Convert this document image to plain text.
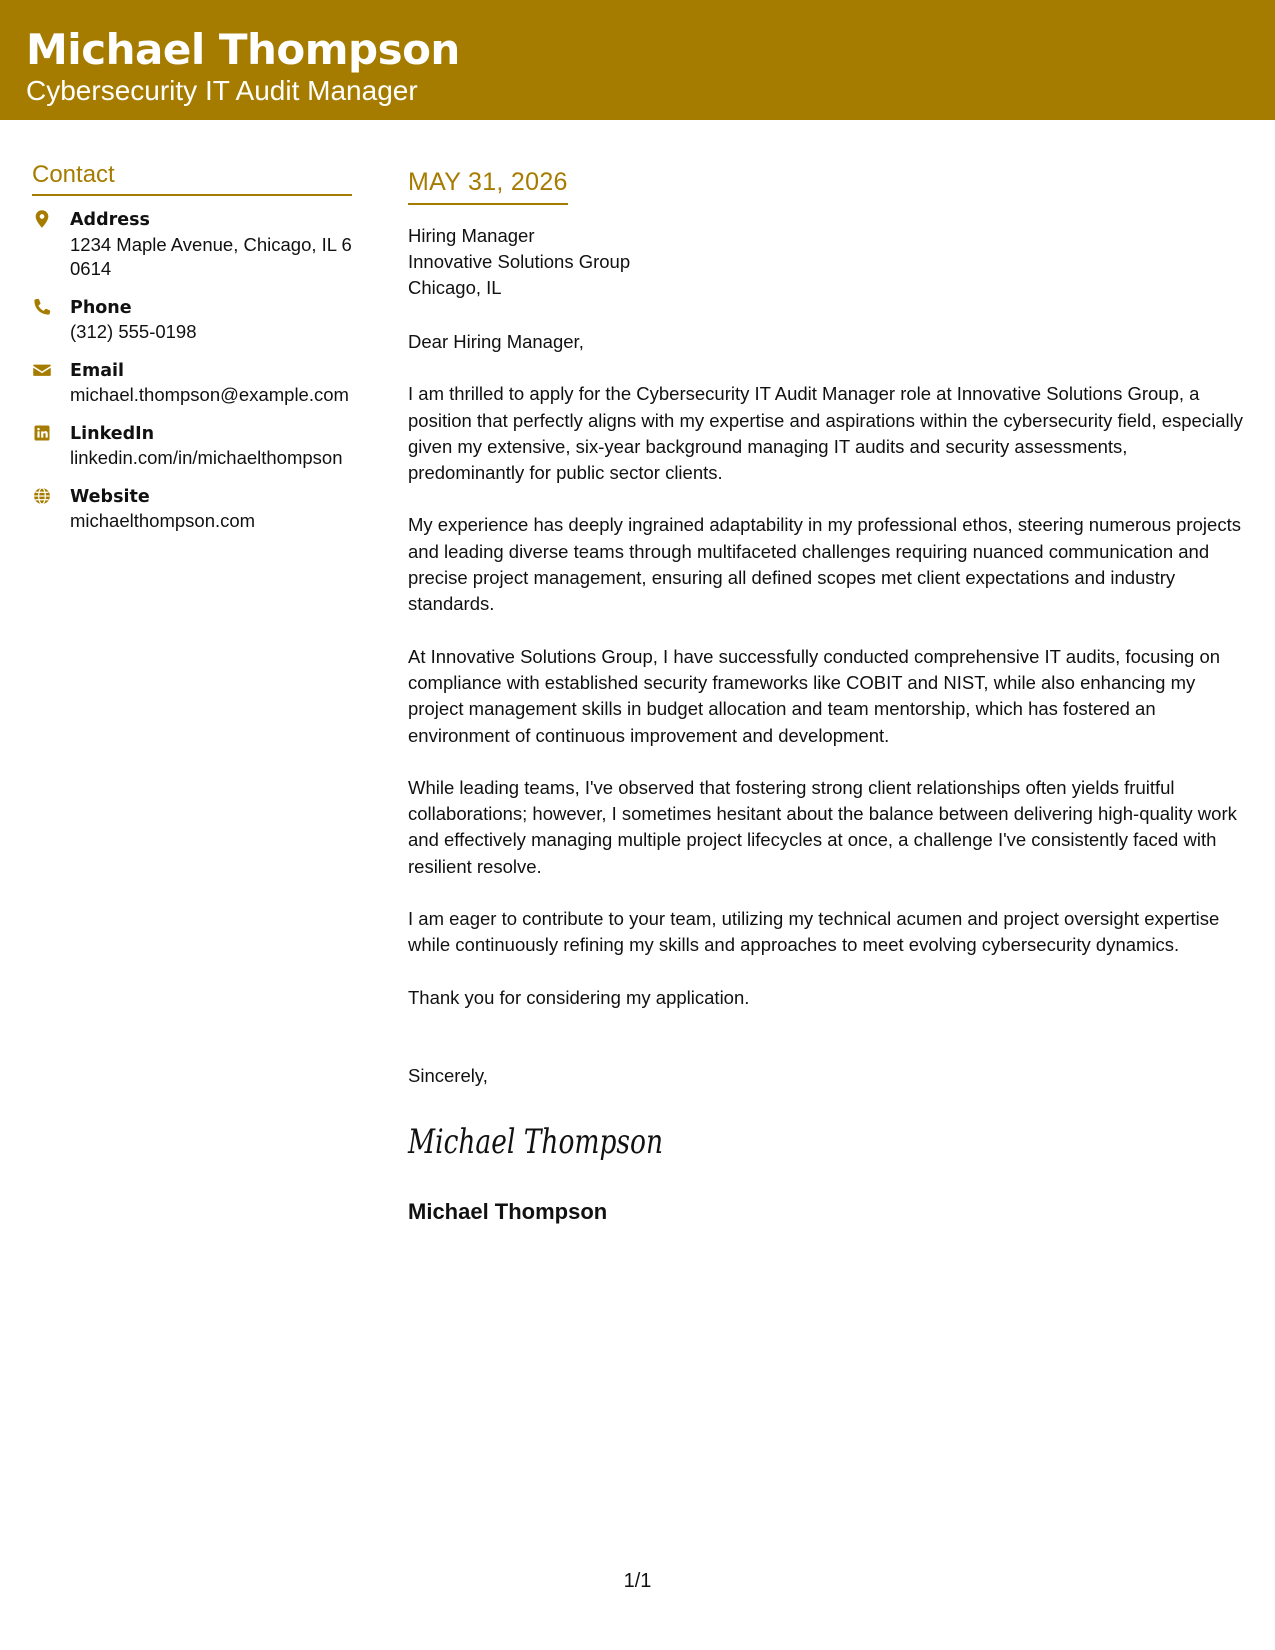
Michael Thompson
Cybersecurity IT Audit Manager
Contact
Address
1234 Maple Avenue, Chicago, IL 60614
Phone
(312) 555-0198
Email
michael.thompson@example.com
LinkedIn
linkedin.com/in/michaelthompson
Website
michaelthompson.com
MAY 31, 2026
Hiring Manager
Innovative Solutions Group
Chicago, IL
Dear Hiring Manager,

I am thrilled to apply for the Cybersecurity IT Audit Manager role at Innovative Solutions Group, a position that perfectly aligns with my expertise and aspirations within the cybersecurity field, especially given my extensive, six-year background managing IT audits and security assessments, predominantly for public sector clients.

My experience has deeply ingrained adaptability in my professional ethos, steering numerous projects and leading diverse teams through multifaceted challenges requiring nuanced communication and precise project management, ensuring all defined scopes met client expectations and industry standards.

At Innovative Solutions Group, I have successfully conducted comprehensive IT audits, focusing on compliance with established security frameworks like COBIT and NIST, while also enhancing my project management skills in budget allocation and team mentorship, which has fostered an environment of continuous improvement and development.

While leading teams, I've observed that fostering strong client relationships often yields fruitful collaborations; however, I sometimes hesitant about the balance between delivering high-quality work and effectively managing multiple project lifecycles at once, a challenge I've consistently faced with resilient resolve.

I am eager to contribute to your team, utilizing my technical acumen and project oversight expertise while continuously refining my skills and approaches to meet evolving cybersecurity dynamics.

Thank you for considering my application.

Sincerely,
Michael Thompson
Michael Thompson
1/1
